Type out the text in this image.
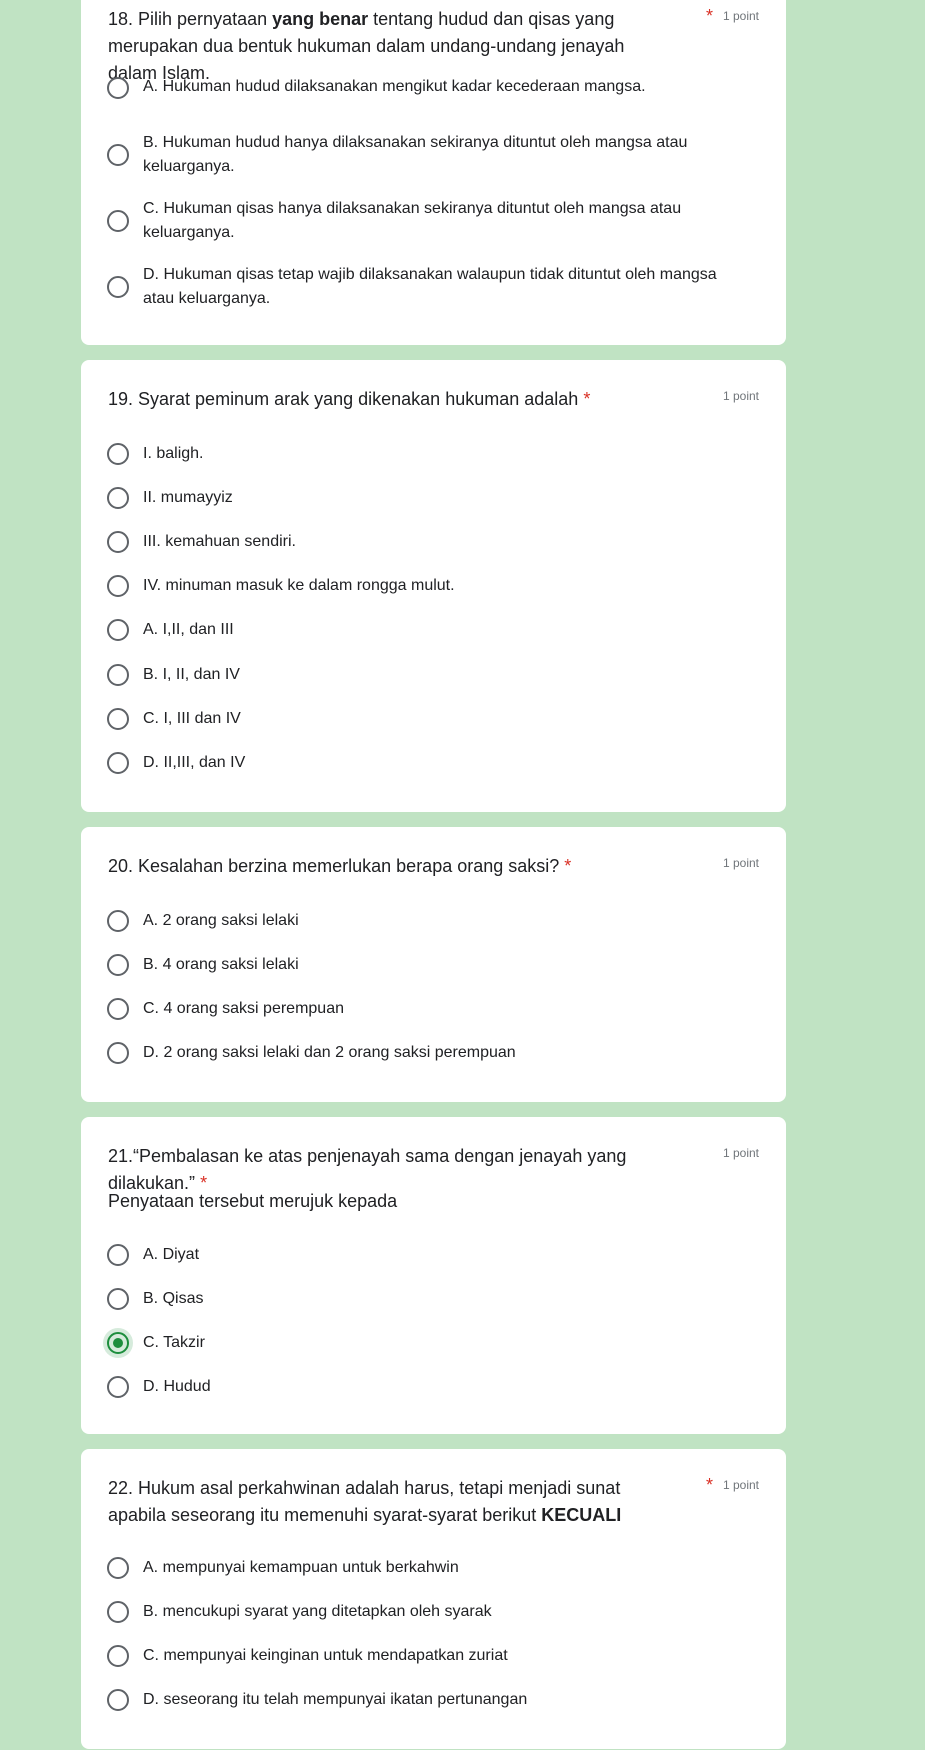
18. Pilih pernyataan yang benar tentang hudud dan qisas yang merupakan dua bentuk hukuman dalam undang-undang jenayah dalam Islam.
* 1 point
A. Hukuman hudud dilaksanakan mengikut kadar kecederaan mangsa.
B. Hukuman hudud hanya dilaksanakan sekiranya dituntut oleh mangsa atau keluarganya.
C. Hukuman qisas hanya dilaksanakan sekiranya dituntut oleh mangsa atau keluarganya.
D. Hukuman qisas tetap wajib dilaksanakan walaupun tidak dituntut oleh mangsa atau keluarganya.
19. Syarat peminum arak yang dikenakan hukuman adalah *	1 point
I. baligh.
II. mumayyiz
III. kemahuan sendiri.
IV. minuman masuk ke dalam rongga mulut.
A. I,II, dan III
B. I, II, dan IV
C. I, III dan IV
D. II,III, dan IV
20. Kesalahan berzina memerlukan berapa orang saksi? *	1 point
A. 2 orang saksi lelaki
B. 4 orang saksi lelaki
C. 4 orang saksi perempuan
D. 2 orang saksi lelaki dan 2 orang saksi perempuan
21.“Pembalasan ke atas penjenayah sama dengan jenayah yang dilakukan.” *
1 point
Penyataan tersebut merujuk kepada
A. Diyat
B. Qisas
C. Takzir
D. Hudud
22. Hukum asal perkahwinan adalah harus, tetapi menjadi sunat apabila seseorang itu memenuhi syarat-syarat berikut KECUALI
* 1 point
A. mempunyai kemampuan untuk berkahwin
B. mencukupi syarat yang ditetapkan oleh syarak
C. mempunyai keinginan untuk mendapatkan zuriat
D. seseorang itu telah mempunyai ikatan pertunangan
